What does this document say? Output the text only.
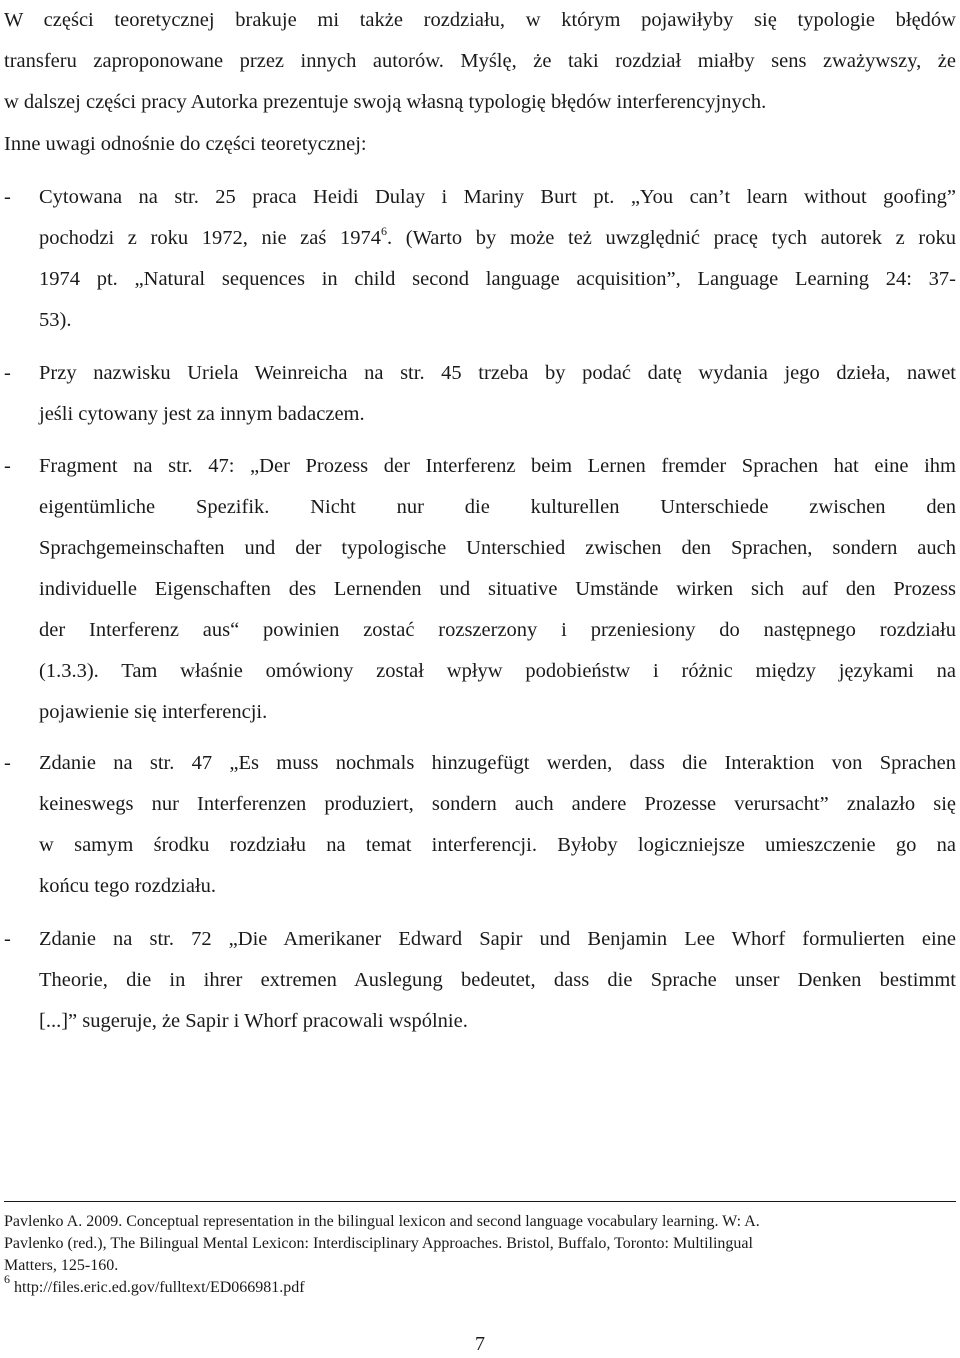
W części teoretycznej brakuje mi także rozdziału, w którym pojawiłyby się typologie błędów
transferu zaproponowane przez innych autorów. Myślę, że taki rozdział miałby sens zważywszy, że
w dalszej części pracy Autorka prezentuje swoją własną typologię błędów interferencyjnych.
Inne uwagi odnośnie do części teoretycznej:
- Cytowana na str. 25 praca Heidi Dulay i Mariny Burt pt. „You can’t learn without goofing”
pochodzi z roku 1972, nie zaś 1974$^6$. (Warto by może też uwzględnić pracę tych autorek z roku
1974 pt. „Natural sequences in child second language acquisition”, Language Learning 24: 37-
53).
- Przy nazwisku Uriela Weinreicha na str. 45 trzeba by podać datę wydania jego dzieła, nawet
jeśli cytowany jest za innym badaczem.
- Fragment na str. 47: „Der Prozess der Interferenz beim Lernen fremder Sprachen hat eine ihm
eigentümliche Spezifik. Nicht nur die kulturellen Unterschiede zwischen den
Sprachgemeinschaften und der typologische Unterschied zwischen den Sprachen, sondern auch
individuelle Eigenschaften des Lernenden und situative Umstände wirken sich auf den Prozess
der Interferenz aus“ powinien zostać rozszerzony i przeniesiony do następnego rozdziału
(1.3.3). Tam właśnie omówiony został wpływ podobieństw i różnic między językami na
pojawienie się interferencji.
- Zdanie na str. 47 „Es muss nochmals hinzugefügt werden, dass die Interaktion von Sprachen
keineswegs nur Interferenzen produziert, sondern auch andere Prozesse verursacht” znalazło się
w samym środku rozdziału na temat interferencji. Byłoby logiczniejsze umieszczenie go na
końcu tego rozdziału.
- Zdanie na str. 72 „Die Amerikaner Edward Sapir und Benjamin Lee Whorf formulierten eine
Theorie, die in ihrer extremen Auslegung bedeutet, dass die Sprache unser Denken bestimmt
[...]” sugeruje, że Sapir i Whorf pracowali wspólnie.
Pavlenko A. 2009. Conceptual representation in the bilingual lexicon and second language vocabulary learning. W: A.
Pavlenko (red.), The Bilingual Mental Lexicon: Interdisciplinary Approaches. Bristol, Buffalo, Toronto: Multilingual
Matters, 125-160.
$^6$ http://files.eric.ed.gov/fulltext/ED066981.pdf
7
